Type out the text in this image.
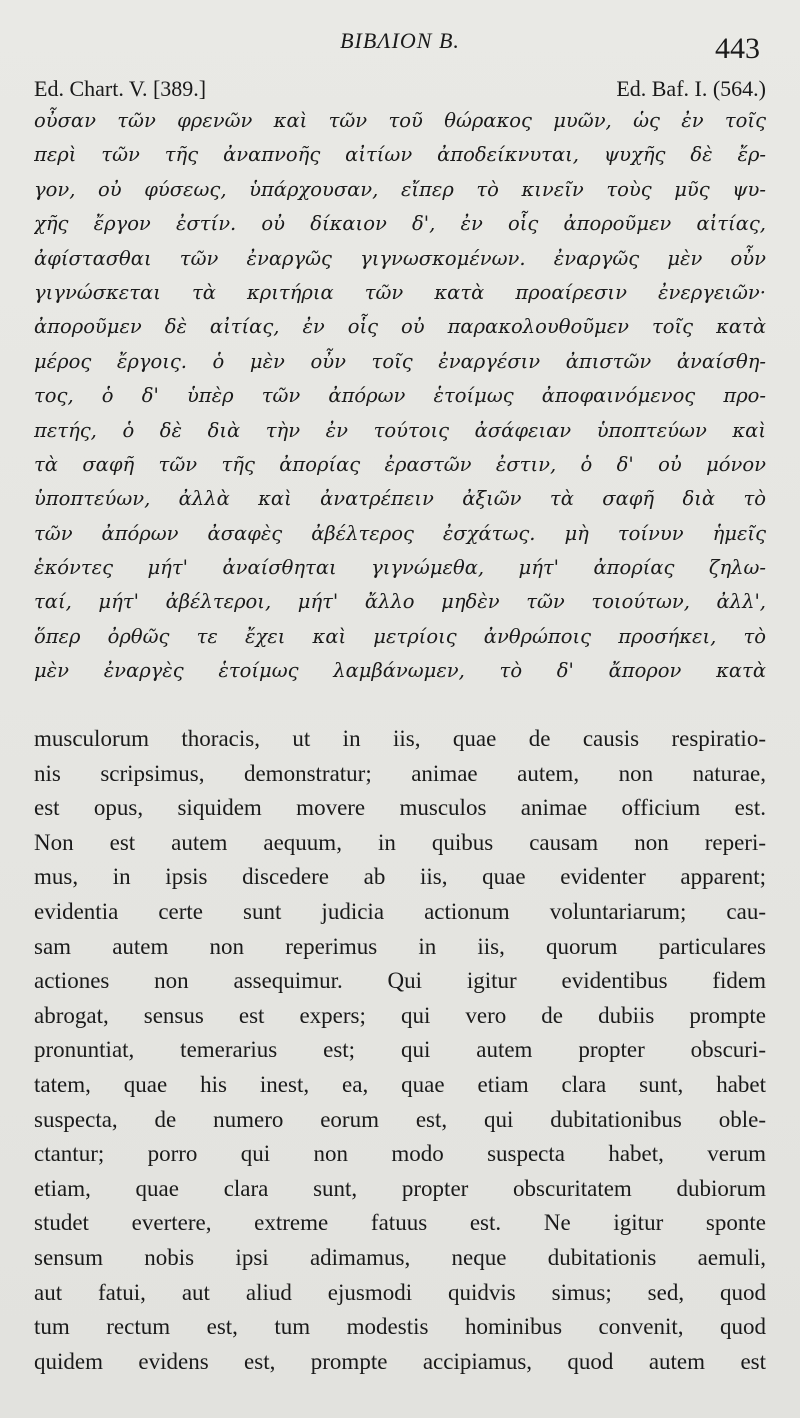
BIBΛΙΟΝ Β.	443
Ed. Chart. V. [389.]	Ed. Baf. I. (564.)
οὖσαν τῶν φρενῶν καὶ τῶν τοῦ θώρακος μυῶν, ὡς ἐν τοῖς
περὶ τῶν τῆς ἀναπνοῆς αἰτίων ἀποδείκνυται, ψυχῆς δὲ ἔρ-
γον, οὐ φύσεως, ὑπάρχουσαν, εἴπερ τὸ κινεῖν τοὺς μῦς ψυ-
χῆς ἔργον ἐστίν. οὐ δίκαιον δ', ἐν οἷς ἀποροῦμεν αἰτίας,
ἀφίστασθαι τῶν ἐναργῶς γιγνωσκομένων. ἐναργῶς μὲν οὖν
γιγνώσκεται τὰ κριτήρια τῶν κατὰ προαίρεσιν ἐνεργειῶν·
ἀποροῦμεν δὲ αἰτίας, ἐν οἷς οὐ παρακολουθοῦμεν τοῖς κατὰ
μέρος ἔργοις. ὁ μὲν οὖν τοῖς ἐναργέσιν ἀπιστῶν ἀναίσθη-
τος, ὁ δ' ὑπὲρ τῶν ἀπόρων ἑτοίμως ἀποφαινόμενος προ-
πετής, ὁ δὲ διὰ τὴν ἐν τούτοις ἀσάφειαν ὑποπτεύων καὶ
τὰ σαφῆ τῶν τῆς ἀπορίας ἐραστῶν ἐστιν, ὁ δ' οὐ μόνον
ὑποπτεύων, ἀλλὰ καὶ ἀνατρέπειν ἀξιῶν τὰ σαφῆ διὰ τὸ
τῶν ἀπόρων ἀσαφὲς ἀβέλτερος ἐσχάτως. μὴ τοίνυν ἡμεῖς
ἑκόντες μήτ' ἀναίσθηται γιγνώμεθα, μήτ' ἀπορίας ζηλω-
ταί, μήτ' ἀβέλτεροι, μήτ' ἄλλο μηδὲν τῶν τοιούτων, ἀλλ',
ὅπερ ὀρθῶς τε ἔχει καὶ μετρίοις ἀνθρώποις προσήκει, τὸ
μὲν ἐναργὲς ἑτοίμως λαμβάνωμεν, τὸ δ' ἄπορον κατὰ
musculorum thoracis, ut in iis, quae de causis respiratio-
nis scripsimus, demonstratur; animae autem, non naturae,
est opus, siquidem movere musculos animae officium est.
Non est autem aequum, in quibus causam non reperi-
mus, in ipsis discedere ab iis, quae evidenter apparent;
evidentia certe sunt judicia actionum voluntariarum; cau-
sam autem non reperimus in iis, quorum particulares
actiones non assequimur. Qui igitur evidentibus fidem
abrogat, sensus est expers; qui vero de dubiis prompte
pronuntiat, temerarius est; qui autem propter obscuri-
tatem, quae his inest, ea, quae etiam clara sunt, habet
suspecta, de numero eorum est, qui dubitationibus oble-
ctantur; porro qui non modo suspecta habet, verum
etiam, quae clara sunt, propter obscuritatem dubiorum
studet evertere, extreme fatuus est. Ne igitur sponte
sensum nobis ipsi adimamus, neque dubitationis aemuli,
aut fatui, aut aliud ejusmodi quidvis simus; sed, quod
tum rectum est, tum modestis hominibus convenit, quod
quidem evidens est, prompte accipiamus, quod autem est
